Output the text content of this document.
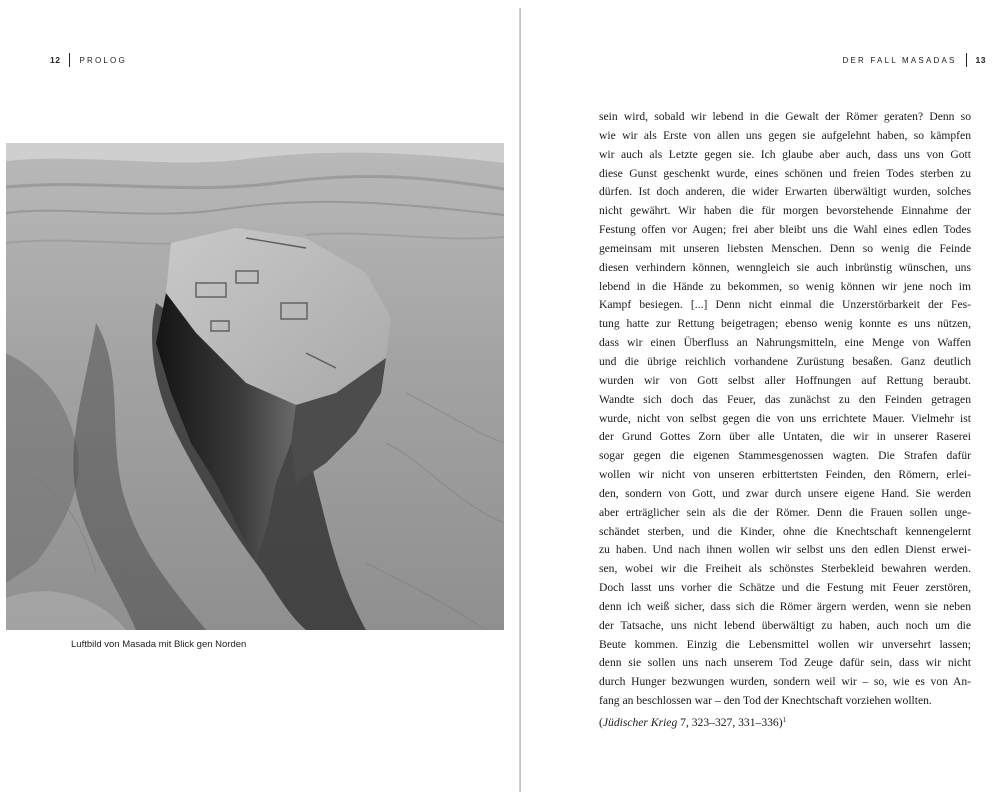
12 PROLOG
Luftbild von Masada mit Blick gen Norden
DER FALL MASADAS 13
sein wird, sobald wir lebend in die Gewalt der Römer geraten? Denn so
wie wir als Erste von allen uns gegen sie aufgelehnt haben, so kämpfen
wir auch als Letzte gegen sie. Ich glaube aber auch, dass uns von Gott
diese Gunst geschenkt wurde, eines schönen und freien Todes sterben zu
dürfen. Ist doch anderen, die wider Erwarten überwältigt wurden, solches
nicht gewährt. Wir haben die für morgen bevorstehende Einnahme der
Festung offen vor Augen; frei aber bleibt uns die Wahl eines edlen Todes
gemeinsam mit unseren liebsten Menschen. Denn so wenig die Feinde
diesen verhindern können, wenngleich sie auch inbrünstig wünschen, uns
lebend in die Hände zu bekommen, so wenig können wir jene noch im
Kampf besiegen. [...] Denn nicht einmal die Unzerstörbarkeit der Fes-
tung hatte zur Rettung beigetragen; ebenso wenig konnte es uns nützen,
dass wir einen Überfluss an Nahrungsmitteln, eine Menge von Waffen
und die übrige reichlich vorhandene Zurüstung besaßen. Ganz deutlich
wurden wir von Gott selbst aller Hoffnungen auf Rettung beraubt.
Wandte sich doch das Feuer, das zunächst zu den Feinden getragen
wurde, nicht von selbst gegen die von uns errichtete Mauer. Vielmehr ist
der Grund Gottes Zorn über alle Untaten, die wir in unserer Raserei
sogar gegen die eigenen Stammesgenossen wagten. Die Strafen dafür
wollen wir nicht von unseren erbittertsten Feinden, den Römern, erlei-
den, sondern von Gott, und zwar durch unsere eigene Hand. Sie werden
aber erträglicher sein als die der Römer. Denn die Frauen sollen unge-
schändet sterben, und die Kinder, ohne die Knechtschaft kennengelernt
zu haben. Und nach ihnen wollen wir selbst uns den edlen Dienst erwei-
sen, wobei wir die Freiheit als schönstes Sterbekleid bewahren werden.
Doch lasst uns vorher die Schätze und die Festung mit Feuer zerstören,
denn ich weiß sicher, dass sich die Römer ärgern werden, wenn sie neben
der Tatsache, uns nicht lebend überwältigt zu haben, auch noch um die
Beute kommen. Einzig die Lebensmittel wollen wir unversehrt lassen;
denn sie sollen uns nach unserem Tod Zeuge dafür sein, dass wir nicht
durch Hunger bezwungen wurden, sondern weil wir – so, wie es von An-
fang an beschlossen war – den Tod der Knechtschaft vorziehen wollten.
(Jüdischer Krieg 7, 323–327, 331–336)$^1$
